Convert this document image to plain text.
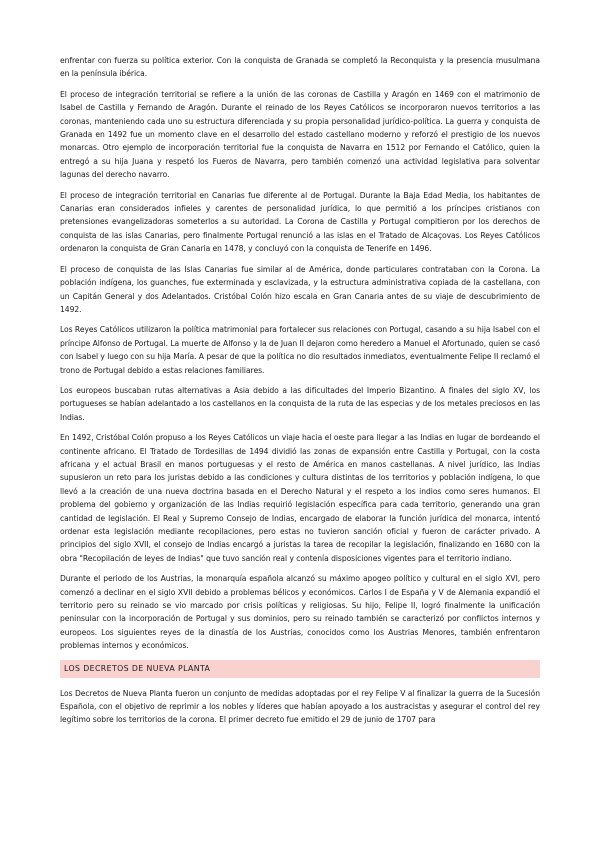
enfrentar con fuerza su política exterior. Con la conquista de Granada se completó la Reconquista y la presencia musulmana en la península ibérica.

El proceso de integración territorial se refiere a la unión de las coronas de Castilla y Aragón en 1469 con el matrimonio de Isabel de Castilla y Fernando de Aragón. Durante el reinado de los Reyes Católicos se incorporaron nuevos territorios a las coronas, manteniendo cada uno su estructura diferenciada y su propia personalidad jurídico-política. La guerra y conquista de Granada en 1492 fue un momento clave en el desarrollo del estado castellano moderno y reforzó el prestigio de los nuevos monarcas. Otro ejemplo de incorporación territorial fue la conquista de Navarra en 1512 por Fernando el Católico, quien la entregó a su hija Juana y respetó los Fueros de Navarra, pero también comenzó una actividad legislativa para solventar lagunas del derecho navarro.

El proceso de integración territorial en Canarias fue diferente al de Portugal. Durante la Baja Edad Media, los habitantes de Canarias eran considerados infieles y carentes de personalidad jurídica, lo que permitió a los príncipes cristianos con pretensiones evangelizadoras someterlos a su autoridad. La Corona de Castilla y Portugal compitieron por los derechos de conquista de las islas Canarias, pero finalmente Portugal renunció a las islas en el Tratado de Alcaçovas. Los Reyes Católicos ordenaron la conquista de Gran Canaria en 1478, y concluyó con la conquista de Tenerife en 1496.

El proceso de conquista de las Islas Canarias fue similar al de América, donde particulares contrataban con la Corona. La población indígena, los guanches, fue exterminada y esclavizada, y la estructura administrativa copiada de la castellana, con un Capitán General y dos Adelantados. Cristóbal Colón hizo escala en Gran Canaria antes de su viaje de descubrimiento de 1492.

Los Reyes Católicos utilizaron la política matrimonial para fortalecer sus relaciones con Portugal, casando a su hija Isabel con el príncipe Alfonso de Portugal. La muerte de Alfonso y la de Juan II dejaron como heredero a Manuel el Afortunado, quien se casó con Isabel y luego con su hija María. A pesar de que la política no dio resultados inmediatos, eventualmente Felipe II reclamó el trono de Portugal debido a estas relaciones familiares.

Los europeos buscaban rutas alternativas a Asia debido a las dificultades del Imperio Bizantino. A finales del siglo XV, los portugueses se habían adelantado a los castellanos en la conquista de la ruta de las especias y de los metales preciosos en las Indias.

En 1492, Cristóbal Colón propuso a los Reyes Católicos un viaje hacia el oeste para llegar a las Indias en lugar de bordeando el continente africano. El Tratado de Tordesillas de 1494 dividió las zonas de expansión entre Castilla y Portugal, con la costa africana y el actual Brasil en manos portuguesas y el resto de América en manos castellanas. A nivel jurídico, las Indias supusieron un reto para los juristas debido a las condiciones y cultura distintas de los territorios y población indígena, lo que llevó a la creación de una nueva doctrina basada en el Derecho Natural y el respeto a los indios como seres humanos. El problema del gobierno y organización de las Indias requirió legislación específica para cada territorio, generando una gran cantidad de legislación. El Real y Supremo Consejo de Indias, encargado de elaborar la función jurídica del monarca, intentó ordenar esta legislación mediante recopilaciones, pero estas no tuvieron sanción oficial y fueron de carácter privado. A principios del siglo XVII, el consejo de Indias encargó a juristas la tarea de recopilar la legislación, finalizando en 1680 con la obra "Recopilación de leyes de Indias" que tuvo sanción real y contenía disposiciones vigentes para el territorio indiano.

Durante el periodo de los Austrias, la monarquía española alcanzó su máximo apogeo político y cultural en el siglo XVI, pero comenzó a declinar en el siglo XVII debido a problemas bélicos y económicos. Carlos I de España y V de Alemania expandió el territorio pero su reinado se vio marcado por crisis políticas y religiosas. Su hijo, Felipe II, logró finalmente la unificación peninsular con la incorporación de Portugal y sus dominios, pero su reinado también se caracterizó por conflictos internos y europeos. Los siguientes reyes de la dinastía de los Austrias, conocidos como los Austrias Menores, también enfrentaron problemas internos y económicos.

LOS DECRETOS DE NUEVA PLANTA

Los Decretos de Nueva Planta fueron un conjunto de medidas adoptadas por el rey Felipe V al finalizar la guerra de la Sucesión Española, con el objetivo de reprimir a los nobles y líderes que habían apoyado a los austracistas y asegurar el control del rey legítimo sobre los territorios de la corona. El primer decreto fue emitido el 29 de junio de 1707 para
